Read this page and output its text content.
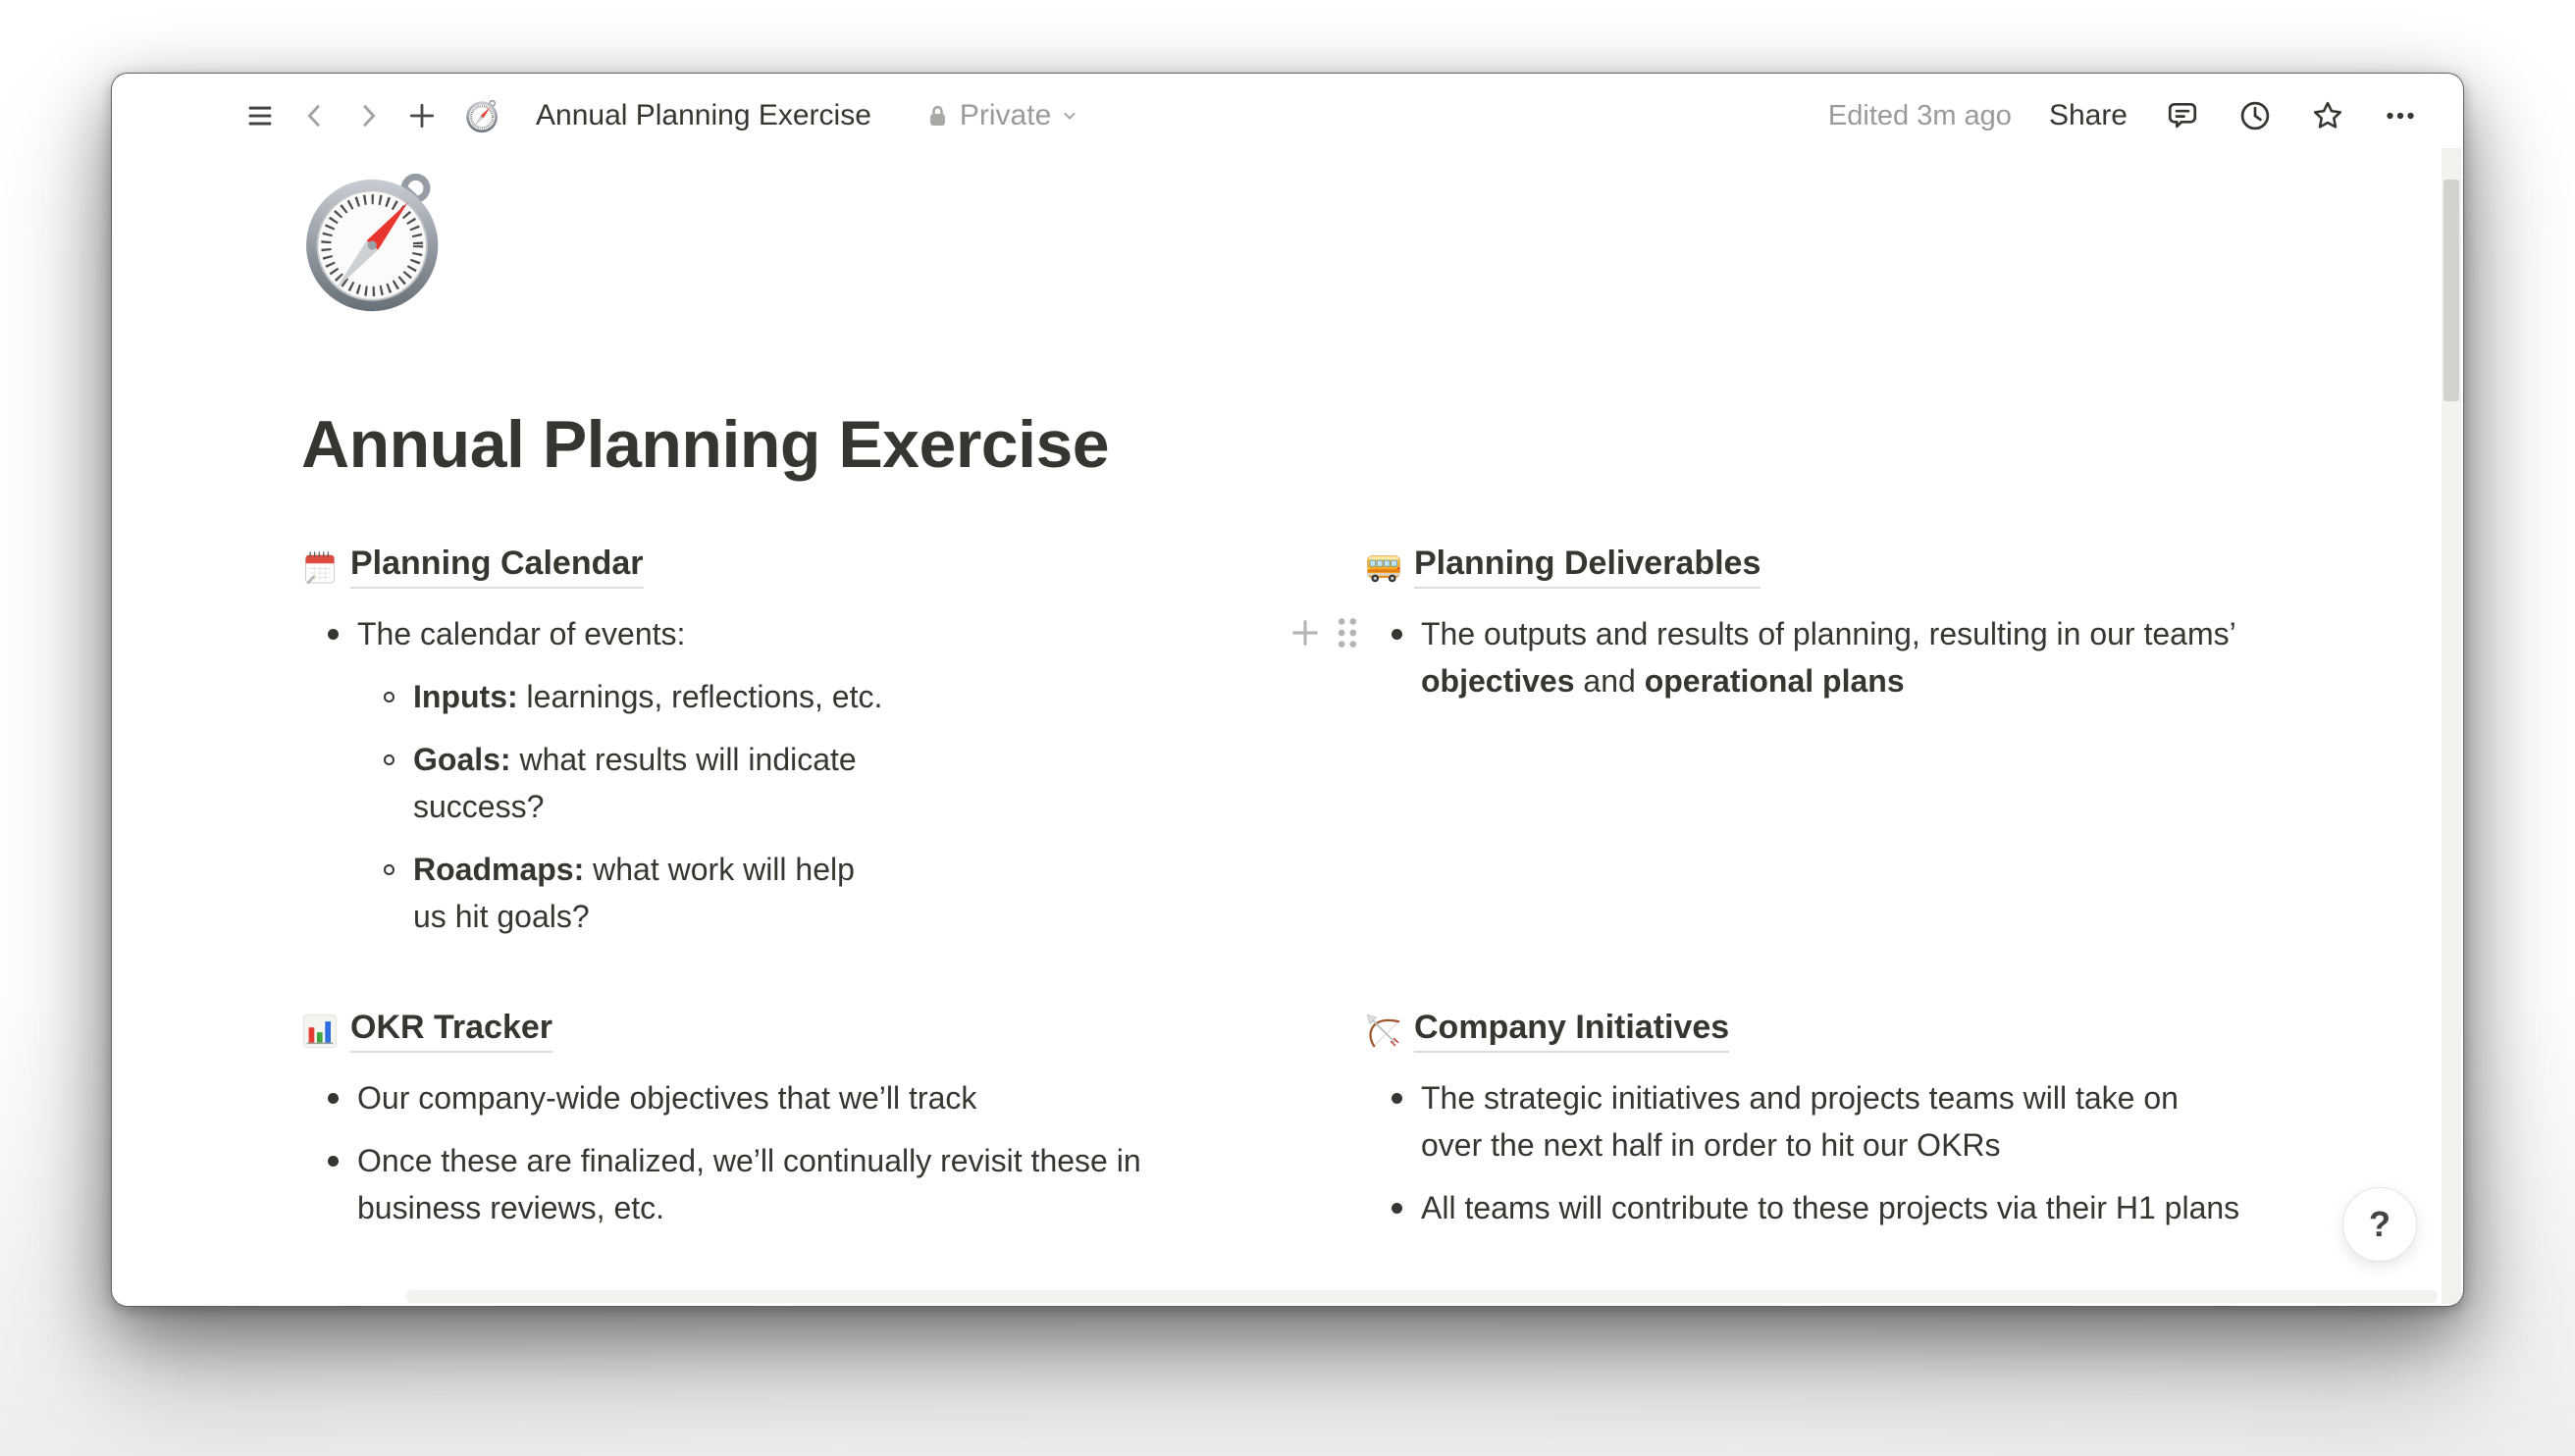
Annual Planning Exercise	Private	Edited 3m ago Share
Annual Planning Exercise
Planning Calendar

The calendar of events:

Inputs: learnings, reflections, etc.

Goals: what results will indicate success?

Roadmaps: what work will help us hit goals?

Planning Deliverables

The outputs and results of planning, resulting in our teams’ objectives and operational plans

OKR Tracker

Our company-wide objectives that we’ll track

Once these are finalized, we’ll continually revisit these in business reviews, etc.

Company Initiatives

The strategic initiatives and projects teams will take on over the next half in order to hit our OKRs

All teams will contribute to these projects via their H1 plans	?
